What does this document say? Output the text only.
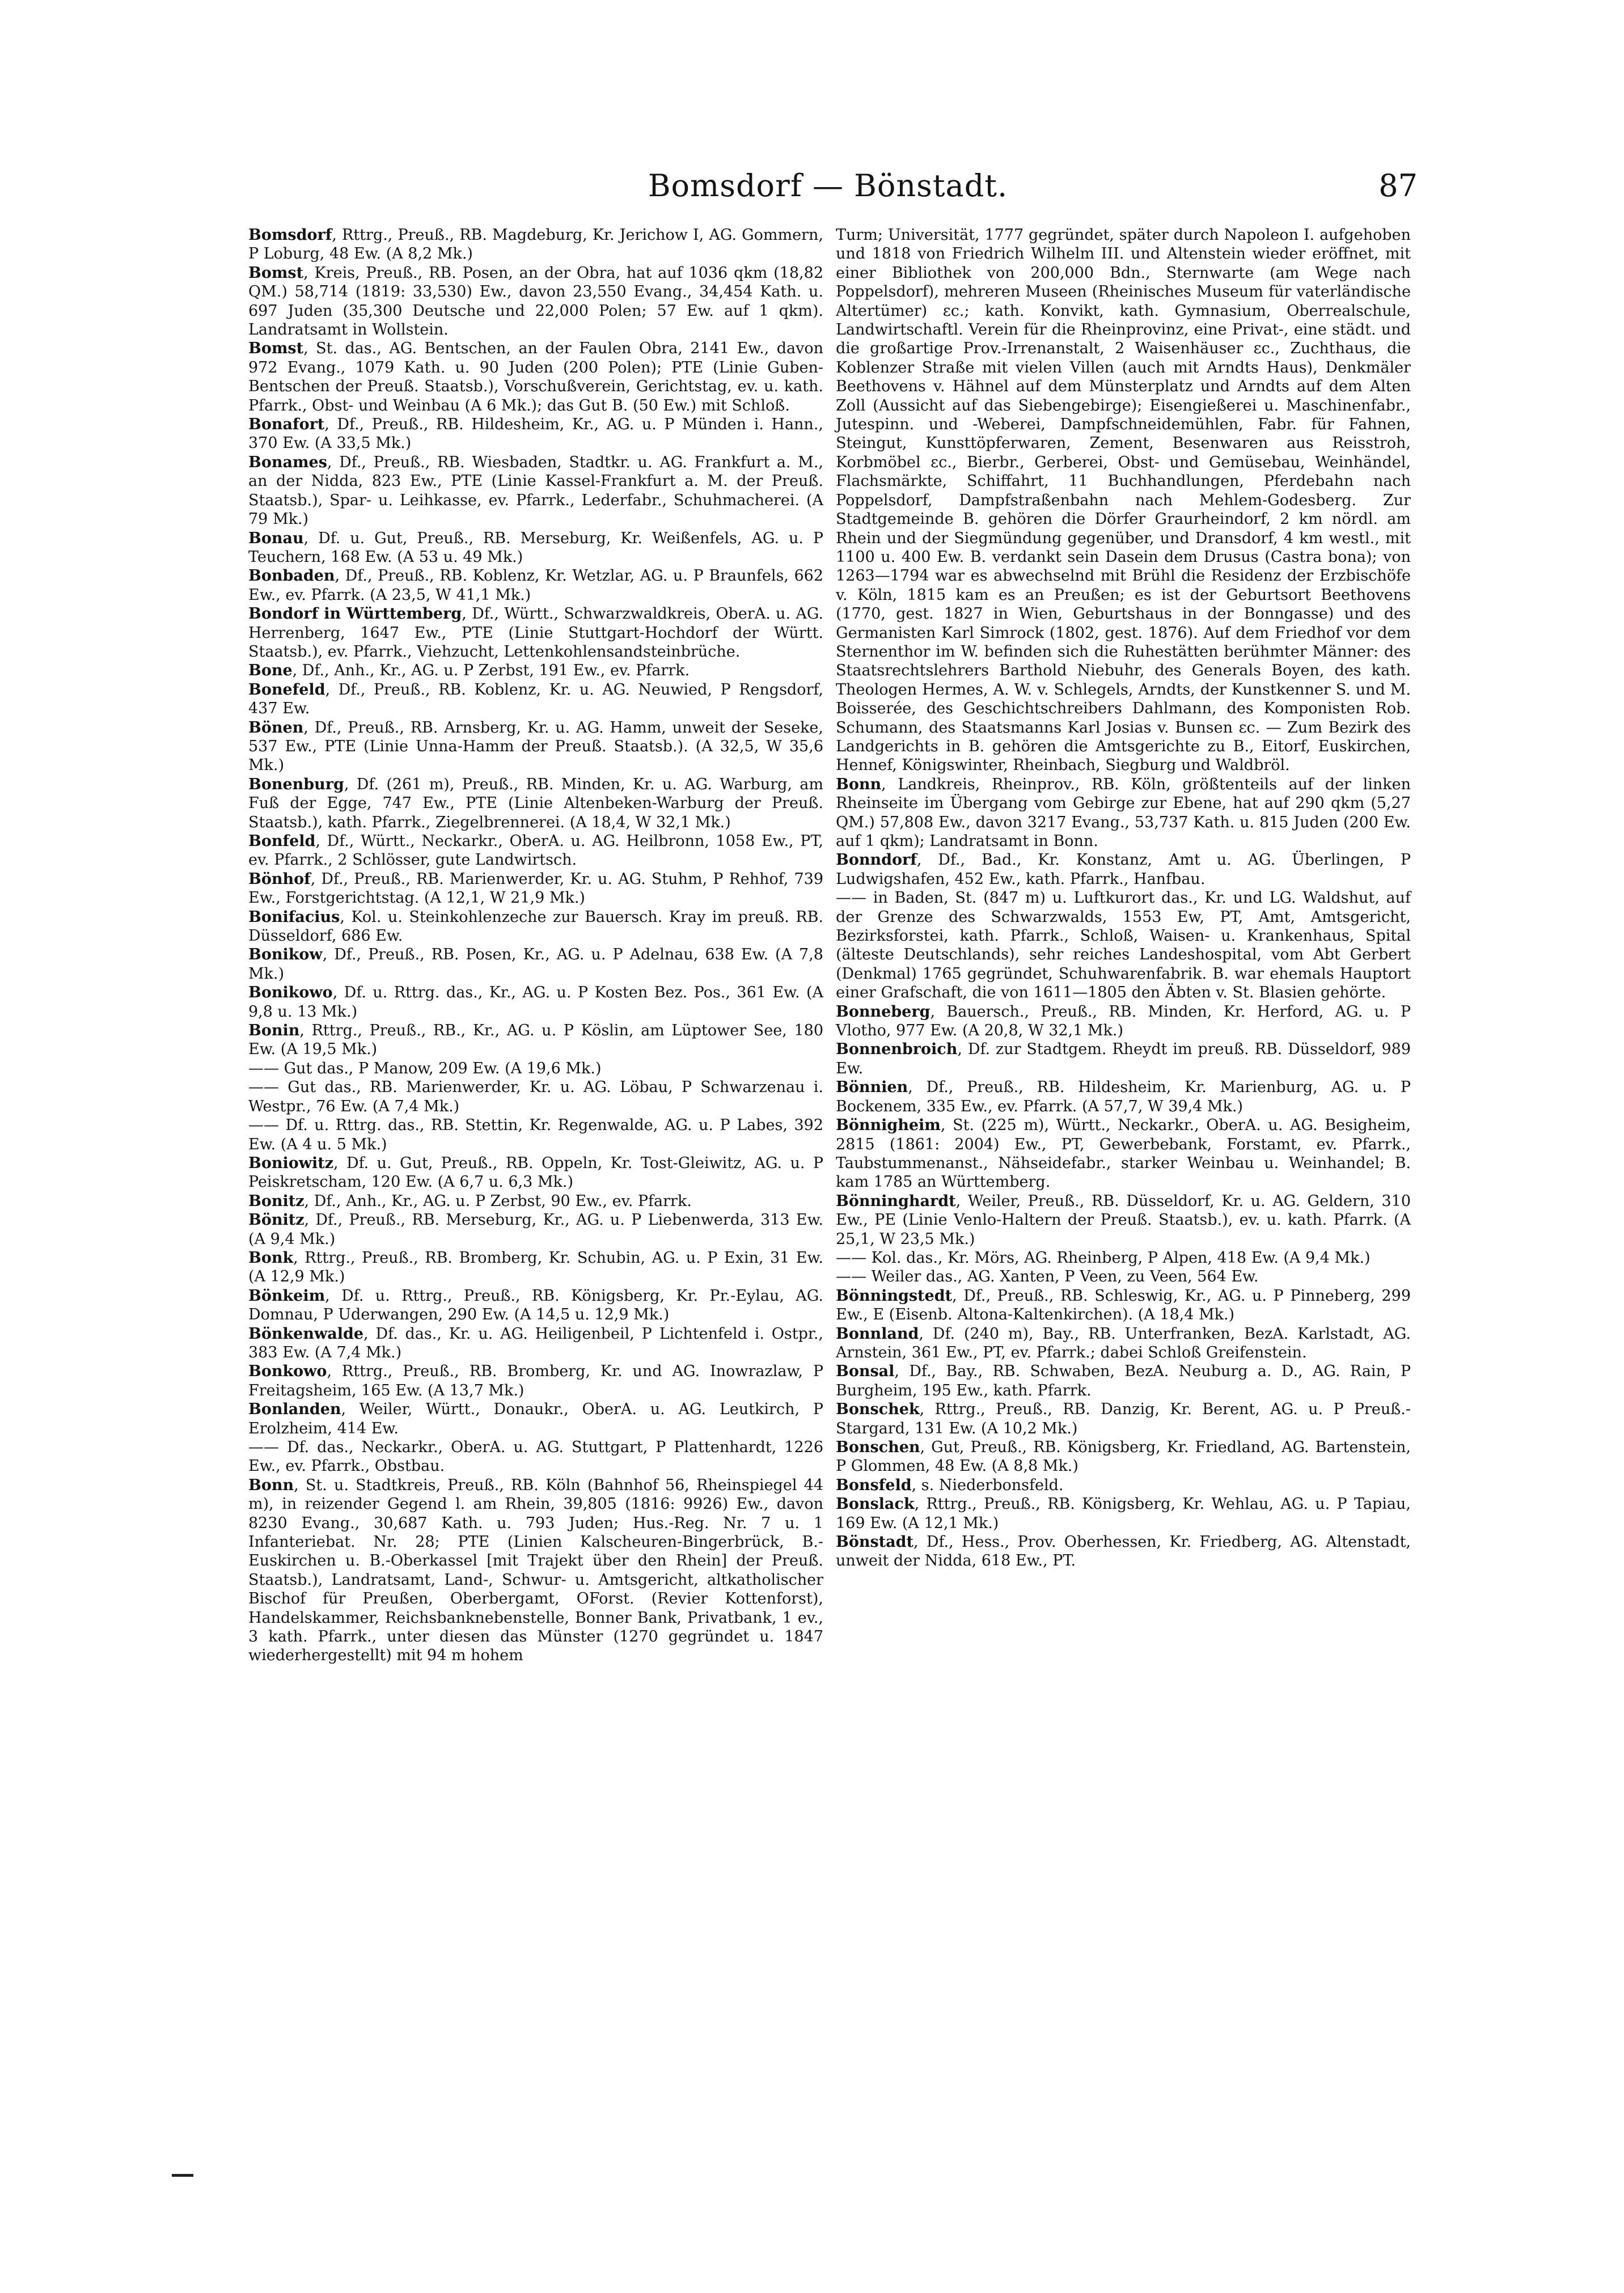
Bomsdorf — Bönstadt.	87

Bomsdorf, Rttrg., Preuß., RB. Magdeburg, Kr. Jerichow I, AG. Gommern, P Loburg, 48 Ew. (A 8,2 Mk.)

Bomst, Kreis, Preuß., RB. Posen, an der Obra, hat auf 1036 qkm (18,82 QM.) 58,714 (1819: 33,530) Ew., davon 23,550 Evang., 34,454 Kath. u. 697 Juden (35,300 Deutsche und 22,000 Polen; 57 Ew. auf 1 qkm). Landratsamt in Wollstein.

Bomst, St. das., AG. Bentschen, an der Faulen Obra, 2141 Ew., davon 972 Evang., 1079 Kath. u. 90 Juden (200 Polen); PTE (Linie Guben-Bentschen der Preuß. Staatsb.), Vorschußverein, Gerichtstag, ev. u. kath. Pfarrk., Obst- und Weinbau (A 6 Mk.); das Gut B. (50 Ew.) mit Schloß.

Bonafort, Df., Preuß., RB. Hildesheim, Kr., AG. u. P Münden i. Hann., 370 Ew. (A 33,5 Mk.)

Bonames, Df., Preuß., RB. Wiesbaden, Stadtkr. u. AG. Frankfurt a. M., an der Nidda, 823 Ew., PTE (Linie Kassel-Frankfurt a. M. der Preuß. Staatsb.), Spar- u. Leihkasse, ev. Pfarrk., Lederfabr., Schuhmacherei. (A 79 Mk.)

Bonau, Df. u. Gut, Preuß., RB. Merseburg, Kr. Weißenfels, AG. u. P Teuchern, 168 Ew. (A 53 u. 49 Mk.)

Bonbaden, Df., Preuß., RB. Koblenz, Kr. Wetzlar, AG. u. P Braunfels, 662 Ew., ev. Pfarrk. (A 23,5, W 41,1 Mk.)

Bondorf in Württemberg, Df., Württ., Schwarzwaldkreis, OberA. u. AG. Herrenberg, 1647 Ew., PTE (Linie Stuttgart-Hochdorf der Württ. Staatsb.), ev. Pfarrk., Viehzucht, Lettenkohlensandsteinbrüche.

Bone, Df., Anh., Kr., AG. u. P Zerbst, 191 Ew., ev. Pfarrk.

Bonefeld, Df., Preuß., RB. Koblenz, Kr. u. AG. Neuwied, P Rengsdorf, 437 Ew.

Bönen, Df., Preuß., RB. Arnsberg, Kr. u. AG. Hamm, unweit der Seseke, 537 Ew., PTE (Linie Unna-Hamm der Preuß. Staatsb.). (A 32,5, W 35,6 Mk.)

Bonenburg, Df. (261 m), Preuß., RB. Minden, Kr. u. AG. Warburg, am Fuß der Egge, 747 Ew., PTE (Linie Altenbeken-Warburg der Preuß. Staatsb.), kath. Pfarrk., Ziegelbrennerei. (A 18,4, W 32,1 Mk.)

Bonfeld, Df., Württ., Neckarkr., OberA. u. AG. Heilbronn, 1058 Ew., PT, ev. Pfarrk., 2 Schlösser, gute Landwirtsch.

Bönhof, Df., Preuß., RB. Marienwerder, Kr. u. AG. Stuhm, P Rehhof, 739 Ew., Forstgerichtstag. (A 12,1, W 21,9 Mk.)

Bonifacius, Kol. u. Steinkohlenzeche zur Bauersch. Kray im preuß. RB. Düsseldorf, 686 Ew.

Bonikow, Df., Preuß., RB. Posen, Kr., AG. u. P Adelnau, 638 Ew. (A 7,8 Mk.)

Bonikowo, Df. u. Rttrg. das., Kr., AG. u. P Kosten Bez. Pos., 361 Ew. (A 9,8 u. 13 Mk.)

Bonin, Rttrg., Preuß., RB., Kr., AG. u. P Köslin, am Lüptower See, 180 Ew. (A 19,5 Mk.)

—— Gut das., P Manow, 209 Ew. (A 19,6 Mk.)

—— Gut das., RB. Marienwerder, Kr. u. AG. Löbau, P Schwarzenau i. Westpr., 76 Ew. (A 7,4 Mk.)

—— Df. u. Rttrg. das., RB. Stettin, Kr. Regenwalde, AG. u. P Labes, 392 Ew. (A 4 u. 5 Mk.)

Boniowitz, Df. u. Gut, Preuß., RB. Oppeln, Kr. Tost-Gleiwitz, AG. u. P Peiskretscham, 120 Ew. (A 6,7 u. 6,3 Mk.)

Bonitz, Df., Anh., Kr., AG. u. P Zerbst, 90 Ew., ev. Pfarrk.

Bönitz, Df., Preuß., RB. Merseburg, Kr., AG. u. P Liebenwerda, 313 Ew. (A 9,4 Mk.)

Bonk, Rttrg., Preuß., RB. Bromberg, Kr. Schubin, AG. u. P Exin, 31 Ew. (A 12,9 Mk.)

Bönkeim, Df. u. Rttrg., Preuß., RB. Königsberg, Kr. Pr.-Eylau, AG. Domnau, P Uderwangen, 290 Ew. (A 14,5 u. 12,9 Mk.)

Bönkenwalde, Df. das., Kr. u. AG. Heiligenbeil, P Lichtenfeld i. Ostpr., 383 Ew. (A 7,4 Mk.)

Bonkowo, Rttrg., Preuß., RB. Bromberg, Kr. und AG. Inowrazlaw, P Freitagsheim, 165 Ew. (A 13,7 Mk.)

Bonlanden, Weiler, Württ., Donaukr., OberA. u. AG. Leutkirch, P Erolzheim, 414 Ew.

—— Df. das., Neckarkr., OberA. u. AG. Stuttgart, P Plattenhardt, 1226 Ew., ev. Pfarrk., Obstbau.

Bonn, St. u. Stadtkreis, Preuß., RB. Köln (Bahnhof 56, Rheinspiegel 44 m), in reizender Gegend l. am Rhein, 39,805 (1816: 9926) Ew., davon 8230 Evang., 30,687 Kath. u. 793 Juden; Hus.-Reg. Nr. 7 u. 1 Infanteriebat. Nr. 28; PTE (Linien Kalscheuren-Bingerbrück, B.-Euskirchen u. B.-Oberkassel [mit Trajekt über den Rhein] der Preuß. Staatsb.), Landratsamt, Land-, Schwur- u. Amtsgericht, altkatholischer Bischof für Preußen, Oberbergamt, OForst. (Revier Kottenforst), Handelskammer, Reichsbanknebenstelle, Bonner Bank, Privatbank, 1 ev., 3 kath. Pfarrk., unter diesen das Münster (1270 gegründet u. 1847 wiederhergestellt) mit 94 m hohem

Turm; Universität, 1777 gegründet, später durch Napoleon I. aufgehoben und 1818 von Friedrich Wilhelm III. und Altenstein wieder eröffnet, mit einer Bibliothek von 200,000 Bdn., Sternwarte (am Wege nach Poppelsdorf), mehreren Museen (Rheinisches Museum für vaterländische Altertümer) ɛc.; kath. Konvikt, kath. Gymnasium, Oberrealschule, Landwirtschaftl. Verein für die Rheinprovinz, eine Privat-, eine städt. und die großartige Prov.-Irrenanstalt, 2 Waisenhäuser ɛc., Zuchthaus, die Koblenzer Straße mit vielen Villen (auch mit Arndts Haus), Denkmäler Beethovens v. Hähnel auf dem Münsterplatz und Arndts auf dem Alten Zoll (Aussicht auf das Siebengebirge); Eisengießerei u. Maschinenfabr., Jutespinn. und -Weberei, Dampfschneidemühlen, Fabr. für Fahnen, Steingut, Kunsttöpferwaren, Zement, Besenwaren aus Reisstroh, Korbmöbel ɛc., Bierbr., Gerberei, Obst- und Gemüsebau, Weinhändel, Flachsmärkte, Schiffahrt, 11 Buchhandlungen, Pferdebahn nach Poppelsdorf, Dampfstraßenbahn nach Mehlem-Godesberg. Zur Stadtgemeinde B. gehören die Dörfer Graurheindorf, 2 km nördl. am Rhein und der Siegmündung gegenüber, und Dransdorf, 4 km westl., mit 1100 u. 400 Ew. B. verdankt sein Dasein dem Drusus (Castra bona); von 1263—1794 war es abwechselnd mit Brühl die Residenz der Erzbischöfe v. Köln, 1815 kam es an Preußen; es ist der Geburtsort Beethovens (1770, gest. 1827 in Wien, Geburtshaus in der Bonngasse) und des Germanisten Karl Simrock (1802, gest. 1876). Auf dem Friedhof vor dem Sternenthor im W. befinden sich die Ruhestätten berühmter Männer: des Staatsrechtslehrers Barthold Niebuhr, des Generals Boyen, des kath. Theologen Hermes, A. W. v. Schlegels, Arndts, der Kunstkenner S. und M. Boisserée, des Geschichtschreibers Dahlmann, des Komponisten Rob. Schumann, des Staatsmanns Karl Josias v. Bunsen ɛc. — Zum Bezirk des Landgerichts in B. gehören die Amtsgerichte zu B., Eitorf, Euskirchen, Hennef, Königswinter, Rheinbach, Siegburg und Waldbröl.

Bonn, Landkreis, Rheinprov., RB. Köln, größtenteils auf der linken Rheinseite im Übergang vom Gebirge zur Ebene, hat auf 290 qkm (5,27 QM.) 57,808 Ew., davon 3217 Evang., 53,737 Kath. u. 815 Juden (200 Ew. auf 1 qkm); Landratsamt in Bonn.

Bonndorf, Df., Bad., Kr. Konstanz, Amt u. AG. Überlingen, P Ludwigshafen, 452 Ew., kath. Pfarrk., Hanfbau.

—— in Baden, St. (847 m) u. Luftkurort das., Kr. und LG. Waldshut, auf der Grenze des Schwarzwalds, 1553 Ew, PT, Amt, Amtsgericht, Bezirksforstei, kath. Pfarrk., Schloß, Waisen- u. Krankenhaus, Spital (älteste Deutschlands), sehr reiches Landeshospital, vom Abt Gerbert (Denkmal) 1765 gegründet, Schuhwarenfabrik. B. war ehemals Hauptort einer Grafschaft, die von 1611—1805 den Äbten v. St. Blasien gehörte.

Bonneberg, Bauersch., Preuß., RB. Minden, Kr. Herford, AG. u. P Vlotho, 977 Ew. (A 20,8, W 32,1 Mk.)

Bonnenbroich, Df. zur Stadtgem. Rheydt im preuß. RB. Düsseldorf, 989 Ew.

Bönnien, Df., Preuß., RB. Hildesheim, Kr. Marienburg, AG. u. P Bockenem, 335 Ew., ev. Pfarrk. (A 57,7, W 39,4 Mk.)

Bönnigheim, St. (225 m), Württ., Neckarkr., OberA. u. AG. Besigheim, 2815 (1861: 2004) Ew., PT, Gewerbebank, Forstamt, ev. Pfarrk., Taubstummenanst., Nähseidefabr., starker Weinbau u. Weinhandel; B. kam 1785 an Württemberg.

Bönninghardt, Weiler, Preuß., RB. Düsseldorf, Kr. u. AG. Geldern, 310 Ew., PE (Linie Venlo-Haltern der Preuß. Staatsb.), ev. u. kath. Pfarrk. (A 25,1, W 23,5 Mk.)

—— Kol. das., Kr. Mörs, AG. Rheinberg, P Alpen, 418 Ew. (A 9,4 Mk.)

—— Weiler das., AG. Xanten, P Veen, zu Veen, 564 Ew.

Bönningstedt, Df., Preuß., RB. Schleswig, Kr., AG. u. P Pinneberg, 299 Ew., E (Eisenb. Altona-Kaltenkirchen). (A 18,4 Mk.)

Bonnland, Df. (240 m), Bay., RB. Unterfranken, BezA. Karlstadt, AG. Arnstein, 361 Ew., PT, ev. Pfarrk.; dabei Schloß Greifenstein.

Bonsal, Df., Bay., RB. Schwaben, BezA. Neuburg a. D., AG. Rain, P Burgheim, 195 Ew., kath. Pfarrk.

Bonschek, Rttrg., Preuß., RB. Danzig, Kr. Berent, AG. u. P Preuß.-Stargard, 131 Ew. (A 10,2 Mk.)

Bonschen, Gut, Preuß., RB. Königsberg, Kr. Friedland, AG. Bartenstein, P Glommen, 48 Ew. (A 8,8 Mk.)

Bonsfeld, s. Niederbonsfeld.

Bonslack, Rttrg., Preuß., RB. Königsberg, Kr. Wehlau, AG. u. P Tapiau, 169 Ew. (A 12,1 Mk.)

Bönstadt, Df., Hess., Prov. Oberhessen, Kr. Friedberg, AG. Altenstadt, unweit der Nidda, 618 Ew., PT.
